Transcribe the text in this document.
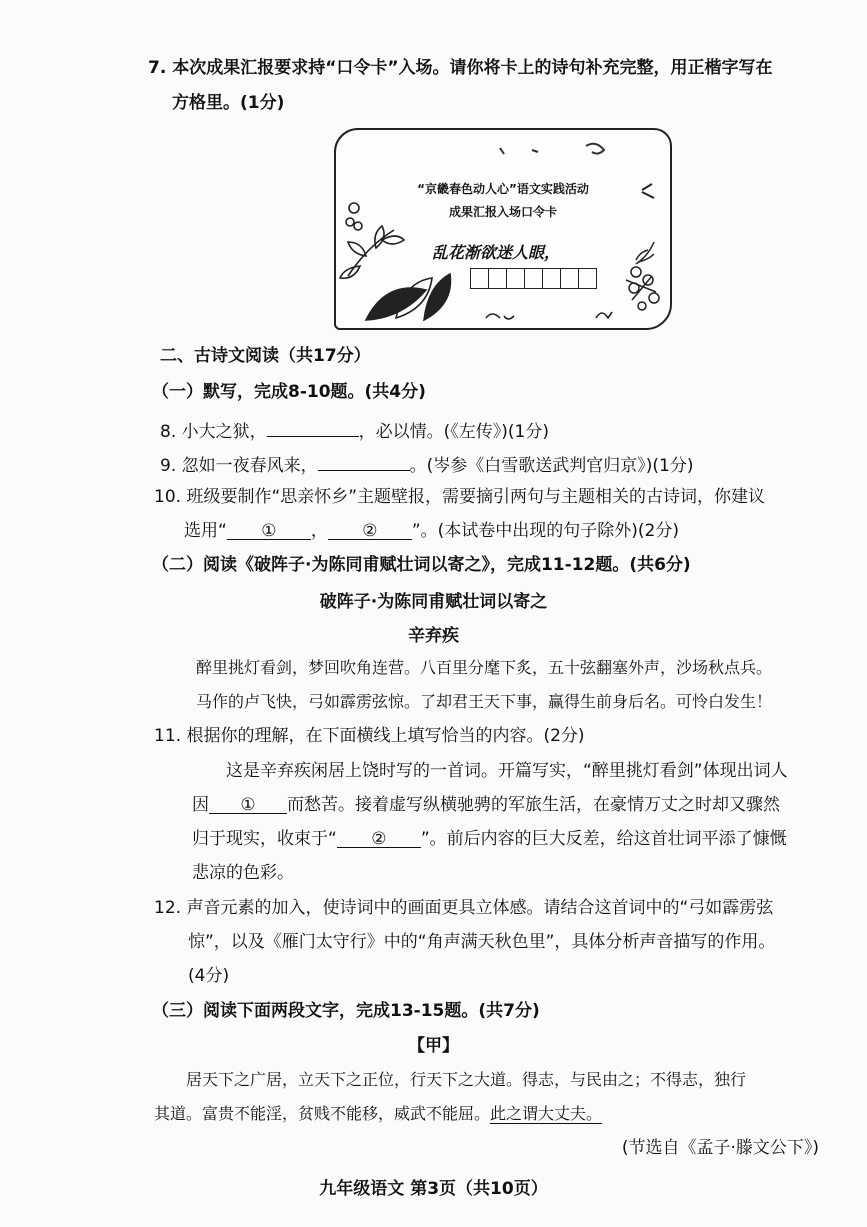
7. 本次成果汇报要求持“口令卡”入场。请你将卡上的诗句补充完整，用正楷字写在
方格里。(1分)
“京畿春色动人心”语文实践活动
成果汇报入场口令卡
乱花渐欲迷人眼，
二、古诗文阅读（共17分）
（一）默写，完成8-10题。(共4分)
8. 小大之狱，	，必以情。(《左传》)(1分)
9. 忽如一夜春风来，	。(岑参《白雪歌送武判官归京》)(1分)
10. 班级要制作“思亲怀乡”主题壁报，需要摘引两句与主题相关的古诗词，你建议
选用“ ① ， ② ”。(本试卷中出现的句子除外)(2分)
（二）阅读《破阵子·为陈同甫赋壮词以寄之》，完成11-12题。(共6分)
破阵子·为陈同甫赋壮词以寄之
辛弃疾
醉里挑灯看剑，梦回吹角连营。八百里分麾下炙，五十弦翻塞外声，沙场秋点兵。
马作的卢飞快，弓如霹雳弦惊。了却君王天下事，赢得生前身后名。可怜白发生！
11. 根据你的理解，在下面横线上填写恰当的内容。(2分)
这是辛弃疾闲居上饶时写的一首词。开篇写实，“醉里挑灯看剑”体现出词人
因 ① 而愁苦。接着虚写纵横驰骋的军旅生活，在豪情万丈之时却又骤然
归于现实，收束于“ ② ”。前后内容的巨大反差，给这首壮词平添了慷慨
悲凉的色彩。
12. 声音元素的加入，使诗词中的画面更具立体感。请结合这首词中的“弓如霹雳弦
惊”，以及《雁门太守行》中的“角声满天秋色里”，具体分析声音描写的作用。
(4分)
（三）阅读下面两段文字，完成13-15题。(共7分)
【甲】
居天下之广居，立天下之正位，行天下之大道。得志，与民由之；不得志，独行
其道。富贵不能淫，贫贱不能移，威武不能屈。此之谓大丈夫。
(节选自《孟子·滕文公下》)
九年级语文 第3页（共10页）
